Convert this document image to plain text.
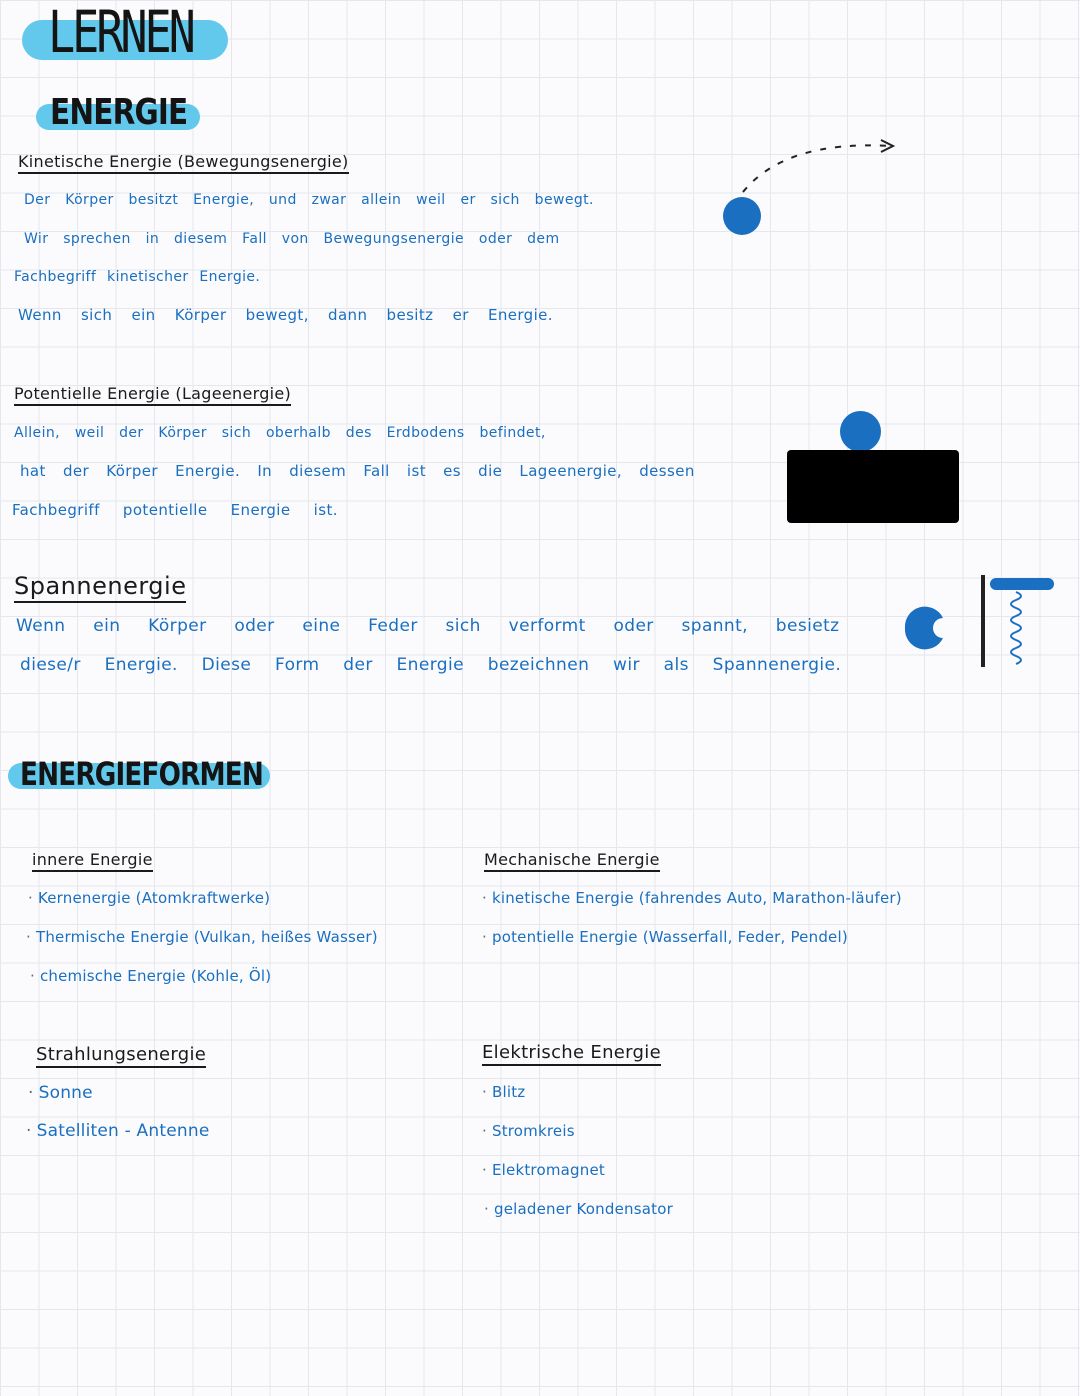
LERNEN
ENERGIE
Kinetische Energie (Bewegungsenergie)
Der Körper besitzt Energie, und zwar allein weil er sich bewegt.
Wir sprechen in diesem Fall von Bewegungsenergie oder dem
Fachbegriff kinetischer Energie.
Wenn sich ein Körper bewegt, dann besitz er Energie.
Potentielle Energie (Lageenergie)
Allein, weil der Körper sich oberhalb des Erdbodens befindet,
hat der Körper Energie. In diesem Fall ist es die Lageenergie, dessen
Fachbegriff potentielle Energie ist.
Spannenergie
Wenn ein Körper oder eine Feder sich verformt oder spannt, besietz
diese/r Energie. Diese Form der Energie bezeichnen wir als Spannenergie.
ENERGIEFORMEN
innere Energie
· Kernenergie (Atomkraftwerke)
· Thermische Energie (Vulkan, heißes Wasser)
· chemische Energie (Kohle, Öl)
Mechanische Energie
· kinetische Energie (fahrendes Auto, Marathon-läufer)
· potentielle Energie (Wasserfall, Feder, Pendel)
Strahlungsenergie
· Sonne
· Satelliten - Antenne
Elektrische Energie
· Blitz
· Stromkreis
· Elektromagnet
· geladener Kondensator
